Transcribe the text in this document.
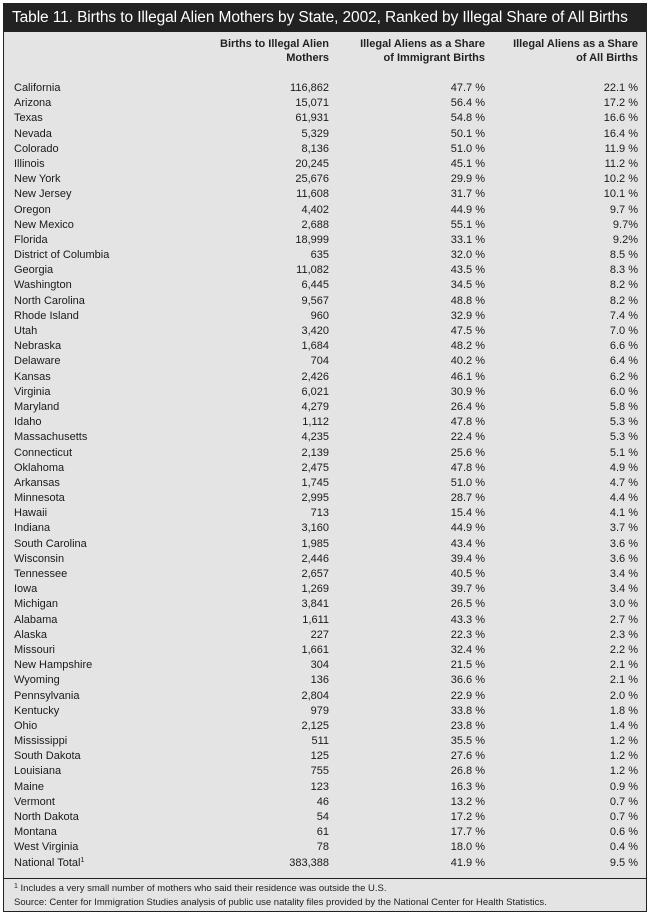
Table 11. Births to Illegal Alien Mothers by State, 2002, Ranked by Illegal Share of All Births
Births to Illegal Alien
Mothers
Illegal Aliens as a Share
of Immigrant Births
Illegal Aliens as a Share
of All Births
California	116,862	47.7 %	22.1 %
Arizona	15,071	56.4 %	17.2 %
Texas	61,931	54.8 %	16.6 %
Nevada	5,329	50.1 %	16.4 %
Colorado	8,136	51.0 %	11.9 %
Illinois	20,245	45.1 %	11.2 %
New York	25,676	29.9 %	10.2 %
New Jersey	11,608	31.7 %	10.1 %
Oregon	4,402	44.9 %	9.7 %
New Mexico	2,688	55.1 %	9.7%
Florida	18,999	33.1 %	9.2%
District of Columbia	635	32.0 %	8.5 %
Georgia	11,082	43.5 %	8.3 %
Washington	6,445	34.5 %	8.2 %
North Carolina	9,567	48.8 %	8.2 %
Rhode Island	960	32.9 %	7.4 %
Utah	3,420	47.5 %	7.0 %
Nebraska	1,684	48.2 %	6.6 %
Delaware	704	40.2 %	6.4 %
Kansas	2,426	46.1 %	6.2 %
Virginia	6,021	30.9 %	6.0 %
Maryland	4,279	26.4 %	5.8 %
Idaho	1,112	47.8 %	5.3 %
Massachusetts	4,235	22.4 %	5.3 %
Connecticut	2,139	25.6 %	5.1 %
Oklahoma	2,475	47.8 %	4.9 %
Arkansas	1,745	51.0 %	4.7 %
Minnesota	2,995	28.7 %	4.4 %
Hawaii	713	15.4 %	4.1 %
Indiana	3,160	44.9 %	3.7 %
South Carolina	1,985	43.4 %	3.6 %
Wisconsin	2,446	39.4 %	3.6 %
Tennessee	2,657	40.5 %	3.4 %
Iowa	1,269	39.7 %	3.4 %
Michigan	3,841	26.5 %	3.0 %
Alabama	1,611	43.3 %	2.7 %
Alaska	227	22.3 %	2.3 %
Missouri	1,661	32.4 %	2.2 %
New Hampshire	304	21.5 %	2.1 %
Wyoming	136	36.6 %	2.1 %
Pennsylvania	2,804	22.9 %	2.0 %
Kentucky	979	33.8 %	1.8 %
Ohio	2,125	23.8 %	1.4 %
Mississippi	511	35.5 %	1.2 %
South Dakota	125	27.6 %	1.2 %
Louisiana	755	26.8 %	1.2 %
Maine	123	16.3 %	0.9 %
Vermont	46	13.2 %	0.7 %
North Dakota	54	17.2 %	0.7 %
Montana	61	17.7 %	0.6 %
West Virginia	78	18.0 %	0.4 %
National Total 1	383,388	41.9 %	9.5 %
$^1$ Includes a very small number of mothers who said their residence was outside the U.S.
Source: Center for Immigration Studies analysis of public use natality files provided by the National Center for Health Statistics.
